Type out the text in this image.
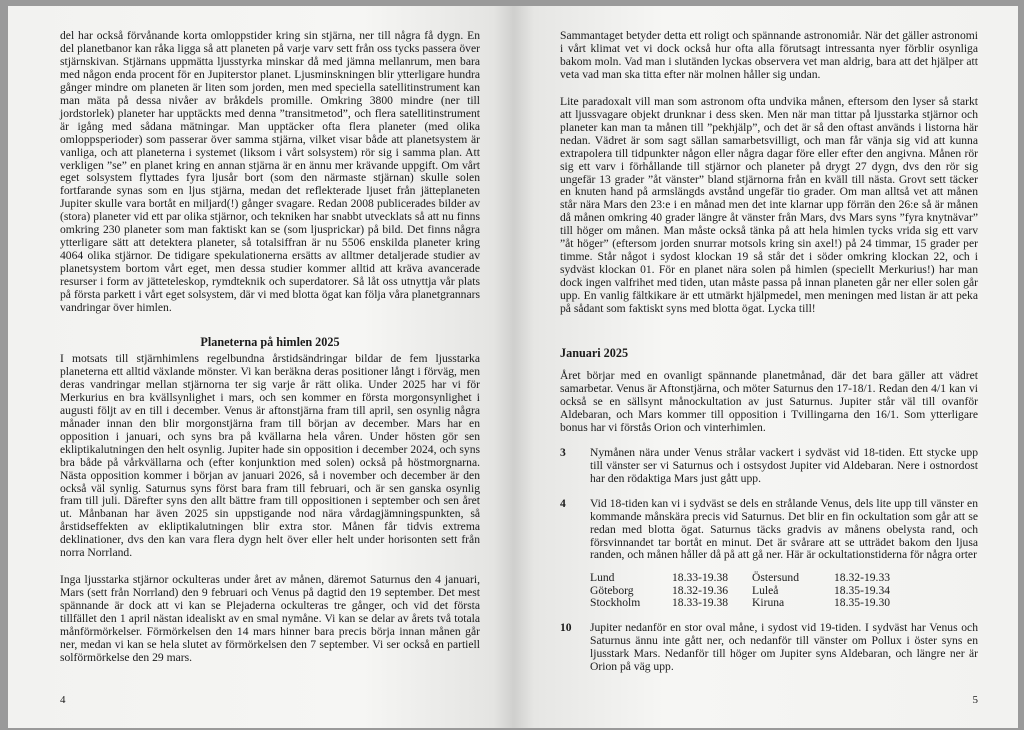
del har också förvånande korta omloppstider kring sin stjärna, ner till några få dygn. En del planetbanor kan råka ligga så att planeten på varje varv sett från oss tycks passera över stjärnskivan. Stjärnans uppmätta ljusstyrka minskar då med jämna mellanrum, men bara med någon enda procent för en Jupiterstor planet. Ljusminskningen blir ytterligare hundra gånger mindre om planeten är liten som jorden, men med speciella satellitinstrument kan man mäta på dessa nivåer av bråkdels promille. Omkring 3800 mindre (ner till jordstorlek) planeter har upptäckts med denna ”transitmetod”, och flera satellitinstrument är igång med sådana mätningar. Man upptäcker ofta flera planeter (med olika omloppsperioder) som passerar över samma stjärna, vilket visar både att planetsystem är vanliga, och att planeterna i systemet (liksom i vårt solsystem) rör sig i samma plan. Att verkligen ”se” en planet kring en annan stjärna är en ännu mer krävande uppgift. Om vårt eget solsystem flyttades fyra ljusår bort (som den närmaste stjärnan) skulle solen fortfarande synas som en ljus stjärna, medan det reflekterade ljuset från jätteplaneten Jupiter skulle vara bortåt en miljard(!) gånger svagare. Redan 2008 publicerades bilder av (stora) planeter vid ett par olika stjärnor, och tekniken har snabbt utvecklats så att nu finns omkring 230 planeter som man faktiskt kan se (som ljusprickar) på bild. Det finns några ytterligare sätt att detektera planeter, så totalsiffran är nu 5506 enskilda planeter kring 4064 olika stjärnor. De tidigare spekulationerna ersätts av alltmer detaljerade studier av planetsystem bortom vårt eget, men dessa studier kommer alltid att kräva avancerade resurser i form av jätteteleskop, rymdteknik och superdatorer. Så låt oss utnyttja vår plats på första parkett i vårt eget solsystem, där vi med blotta ögat kan följa våra planetgrannars vandringar över himlen.

Planeterna på himlen 2025

I motsats till stjärnhimlens regelbundna årstidsändringar bildar de fem ljusstarka planeterna ett alltid växlande mönster. Vi kan beräkna deras positioner långt i förväg, men deras vandringar mellan stjärnorna ter sig varje år rätt olika. Under 2025 har vi för Merkurius en bra kvällsynlighet i mars, och sen kommer en första morgonsynlighet i augusti följt av en till i december. Venus är aftonstjärna fram till april, sen osynlig några månader innan den blir morgonstjärna fram till början av december. Mars har en opposition i januari, och syns bra på kvällarna hela våren. Under hösten gör sen ekliptikalutningen den helt osynlig. Jupiter hade sin opposition i december 2024, och syns bra både på vårkvällarna och (efter konjunktion med solen) också på höstmorgnarna. Nästa opposition kommer i början av januari 2026, så i november och december är den också väl synlig. Saturnus syns först bara fram till februari, och är sen ganska osynlig fram till juli. Därefter syns den allt bättre fram till oppositionen i september och sen året ut. Månbanan har även 2025 sin uppstigande nod nära vårdagjämningspunkten, så årstidseffekten av ekliptikalutningen blir extra stor. Månen får tidvis extrema deklinationer, dvs den kan vara flera dygn helt över eller helt under horisonten sett från norra Norrland.

Inga ljusstarka stjärnor ockulteras under året av månen, däremot Saturnus den 4 januari, Mars (sett från Norrland) den 9 februari och Venus på dagtid den 19 september. Det mest spännande är dock att vi kan se Plejaderna ockulteras tre gånger, och vid det första tillfället den 1 april nästan idealiskt av en smal nymåne. Vi kan se delar av årets två totala månförmörkelser. Förmörkelsen den 14 mars hinner bara precis börja innan månen går ner, medan vi kan se hela slutet av förmörkelsen den 7 september. Vi ser också en partiell solförmörkelse den 29 mars.

4

Sammantaget betyder detta ett roligt och spännande astronomiår. När det gäller astronomi i vårt klimat vet vi dock också hur ofta alla förutsagt intressanta nyer förblir osynliga bakom moln. Vad man i slutänden lyckas observera vet man aldrig, bara att det hjälper att veta vad man ska titta efter när molnen håller sig undan.

Lite paradoxalt vill man som astronom ofta undvika månen, eftersom den lyser så starkt att ljussvagare objekt drunknar i dess sken. Men när man tittar på ljusstarka stjärnor och planeter kan man ta månen till ”pekhjälp”, och det är så den oftast används i listorna här nedan. Vädret är som sagt sällan samarbetsvilligt, och man får vänja sig vid att kunna extrapolera till tidpunkter någon eller några dagar före eller efter den angivna. Månen rör sig ett varv i förhållande till stjärnor och planeter på drygt 27 dygn, dvs den rör sig ungefär 13 grader ”åt vänster” bland stjärnorna från en kväll till nästa. Grovt sett täcker en knuten hand på armslängds avstånd ungefär tio grader. Om man alltså vet att månen står nära Mars den 23:e i en månad men det inte klarnar upp förrän den 26:e så är månen då månen omkring 40 grader längre åt vänster från Mars, dvs Mars syns ”fyra knytnävar” till höger om månen. Man måste också tänka på att hela himlen tycks vrida sig ett varv ”åt höger” (eftersom jorden snurrar motsols kring sin axel!) på 24 timmar, 15 grader per timme. Står något i sydost klockan 19 så står det i söder omkring klockan 22, och i sydväst klockan 01. För en planet nära solen på himlen (speciellt Merkurius!) har man dock ingen valfrihet med tiden, utan måste passa på innan planeten går ner eller solen går upp. En vanlig fältkikare är ett utmärkt hjälpmedel, men meningen med listan är att peka på sådant som faktiskt syns med blotta ögat. Lycka till!

Januari 2025

Året börjar med en ovanligt spännande planetmånad, där det bara gäller att vädret samarbetar. Venus är Aftonstjärna, och möter Saturnus den 17-18/1. Redan den 4/1 kan vi också se en sällsynt månockultation av just Saturnus. Jupiter står väl till ovanför Aldebaran, och Mars kommer till opposition i Tvillingarna den 16/1. Som ytterligare bonus har vi förstås Orion och vinterhimlen.

3	Nymånen nära under Venus strålar vackert i sydväst vid 18-tiden. Ett stycke upp till vänster ser vi Saturnus och i ostsydost Jupiter vid Aldebaran. Nere i ostnordost har den rödaktiga Mars just gått upp.

4	Vid 18-tiden kan vi i sydväst se dels en strålande Venus, dels lite upp till vänster en kommande månskära precis vid Saturnus. Det blir en fin ockultation som går att se redan med blotta ögat. Saturnus täcks gradvis av månens obelysta rand, och försvinnandet tar bortåt en minut. Det är svårare att se utträdet bakom den ljusa randen, och månen håller då på att gå ner. Här är ockultationstiderna för några orter

Lund	18.33-19.38	Östersund	18.32-19.33
Göteborg	18.32-19.36	Luleå	18.35-19.34
Stockholm	18.33-19.38	Kiruna	18.35-19.30
10	Jupiter nedanför en stor oval måne, i sydost vid 19-tiden. I sydväst har Venus och Saturnus ännu inte gått ner, och nedanför till vänster om Pollux i öster syns en ljusstark Mars. Nedanför till höger om Jupiter syns Aldebaran, och längre ner är Orion på väg upp.

5
